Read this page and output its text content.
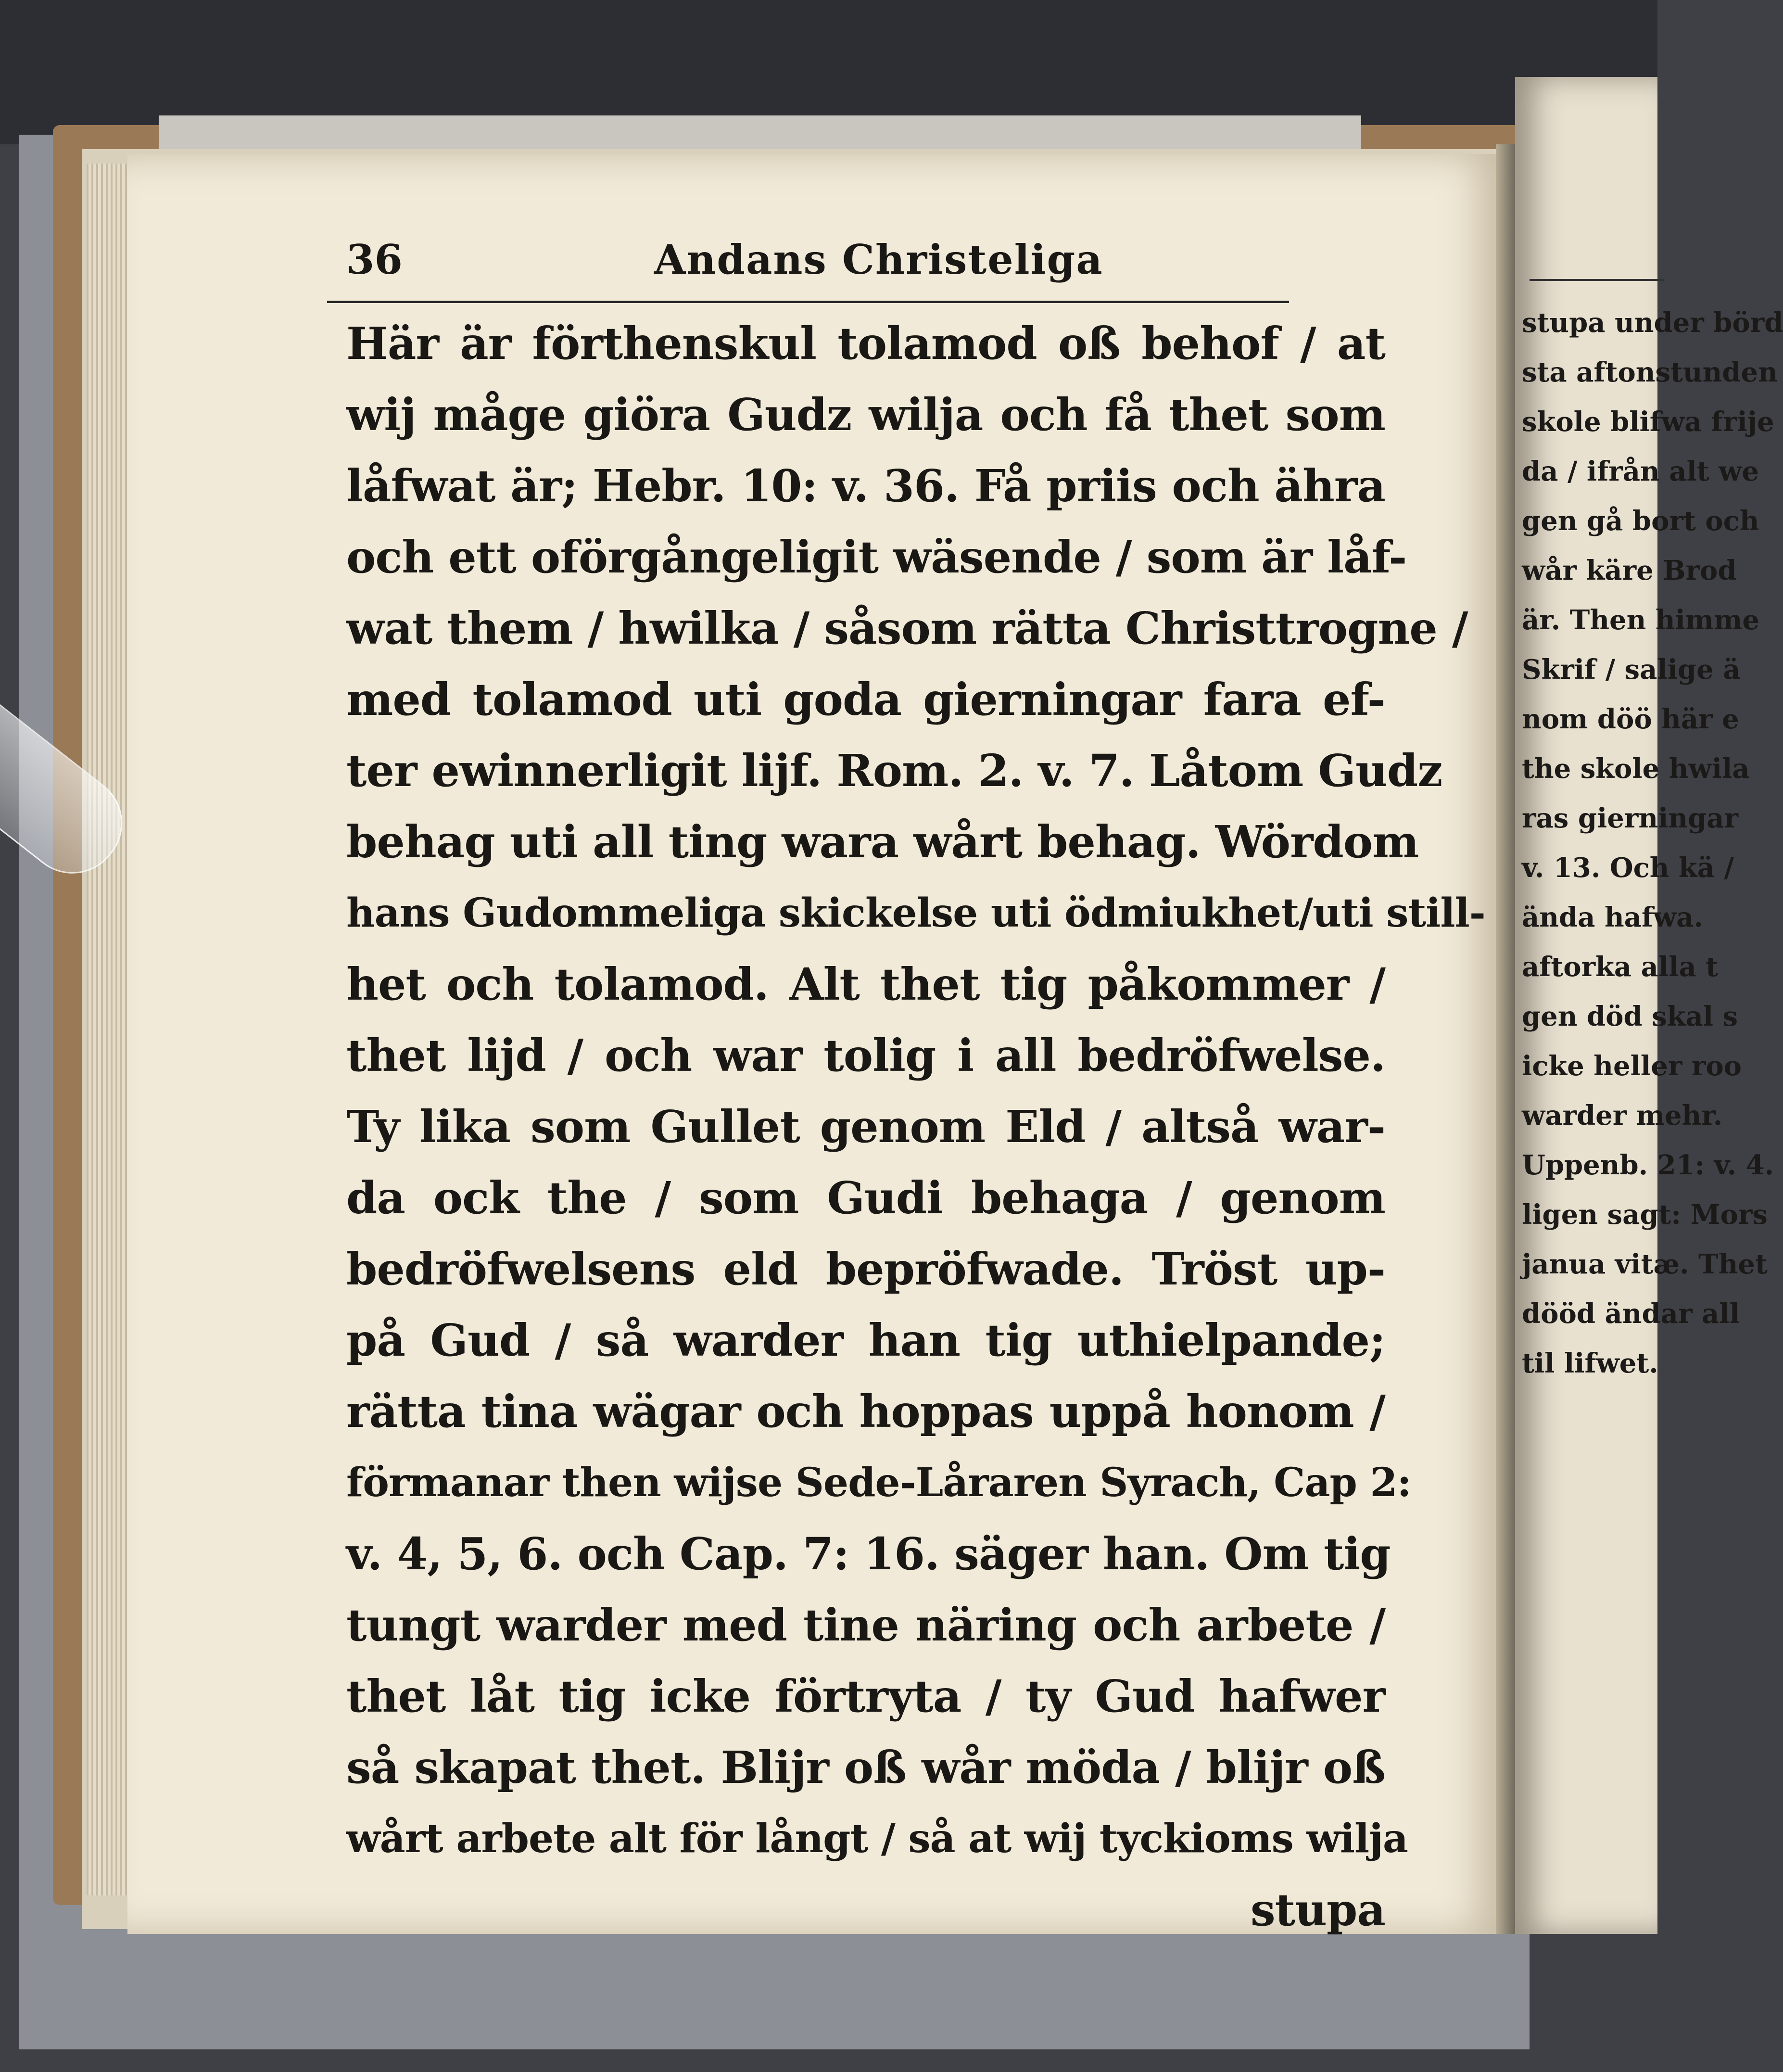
stupa under börd
sta aftonstunden
skole blifwa frije
da / ifrån alt we
gen gå bort och
wår käre Brod
är. Then himme
Skrif / salige ä
nom döö här e
the skole hwila
ras gierningar
v. 13. Och kä /
ända hafwa.
aftorka alla t
gen död skal s
icke heller roo
warder mehr.
Uppenb. 21: v. 4.
ligen sagt: Mors
janua vitæ. Thet
dööd ändar all
til lifwet.
36	Andans Christeliga
Här är förthenskul tolamod oß behof / at
wij måge giöra Gudz wilja och få thet som
låfwat är; Hebr. 10: v. 36. Få priis och ähra
och ett oförgångeligit wäsende / som är låf-
wat them / hwilka / såsom rätta Christtrogne /
med tolamod uti goda gierningar fara ef-
ter ewinnerligit lijf. Rom. 2. v. 7. Låtom Gudz
behag uti all ting wara wårt behag. Wördom
hans Gudommeliga skickelse uti ödmiukhet/uti still-
het och tolamod. Alt thet tig påkommer /
thet lijd / och war tolig i all bedröfwelse.
Ty lika som Gullet genom Eld / altså war-
da ock the / som Gudi behaga / genom
bedröfwelsens eld bepröfwade. Tröst up-
på Gud / så warder han tig uthielpande;
rätta tina wägar och hoppas uppå honom /
förmanar then wijse Sede-Låraren Syrach, Cap 2:
v. 4, 5, 6. och Cap. 7: 16. säger han. Om tig
tungt warder med tine näring och arbete /
thet låt tig icke förtryta / ty Gud hafwer
så skapat thet. Blijr oß wår möda / blijr oß
wårt arbete alt för långt / så at wij tyckioms wilja
stupa
